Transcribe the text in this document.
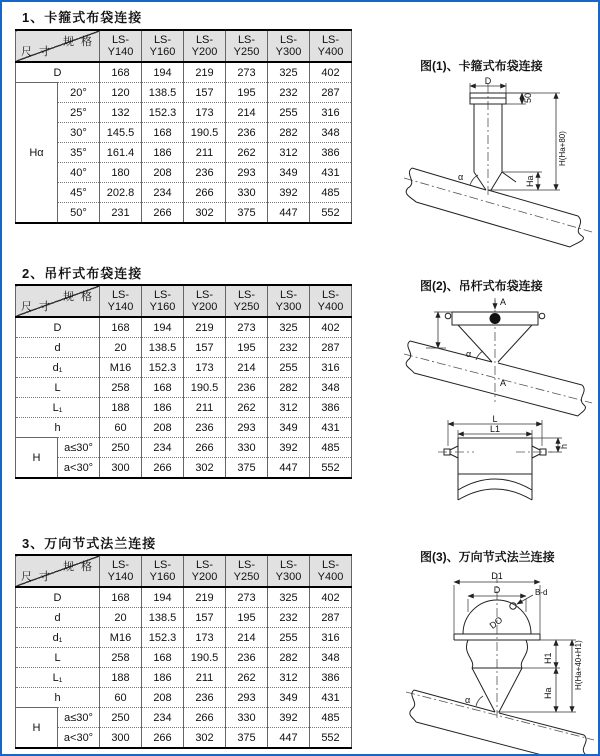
1、卡箍式布袋连接
规 格
尺 寸		LS-Y140	LS-Y160	LS-Y200	LS-Y250	LS-Y300	LS-Y400
D		168	194	219	273	325	402
Hα	20°	120	138.5	157	195	232	287
	25°	132	152.3	173	214	255	316
	30°	145.5	168	190.5	236	282	348
	35°	161.4	186	211	262	312	386
	40°	180	208	236	293	349	431
	45°	202.8	234	266	330	392	485
	50°	231	266	302	375	447	552
图(1)、卡箍式布袋连接
D
50
Ha
H(Ha+80)
α
2、吊杆式布袋连接
规 格
尺 寸		LS-Y140	LS-Y160	LS-Y200	LS-Y250	LS-Y300	LS-Y400
D		168	194	219	273	325	402
d		20	138.5	157	195	232	287
d₁		M16	152.3	173	214	255	316
L		258	168	190.5	236	282	348
L₁		188	186	211	262	312	386
h		60	208	236	293	349	431
H	a≤30°	250	234	266	330	392	485
	a<30°	300	266	302	375	447	552
图(2)、吊杆式布袋连接
A
A
α
L
L1
h
3、万向节式法兰连接
规 格
尺 寸		LS-Y140	LS-Y160	LS-Y200	LS-Y250	LS-Y300	LS-Y400
D		168	194	219	273	325	402
d		20	138.5	157	195	232	287
d₁		M16	152.3	173	214	255	316
L		258	168	190.5	236	282	348
L₁		188	186	211	262	312	386
h		60	208	236	293	349	431
H	a≤30°	250	234	266	330	392	485
	a<30°	300	266	302	375	447	552
图(3)、万向节式法兰连接
D1
D	B-d
DO
H1
Ha
H(Ha+40+H1)
α
